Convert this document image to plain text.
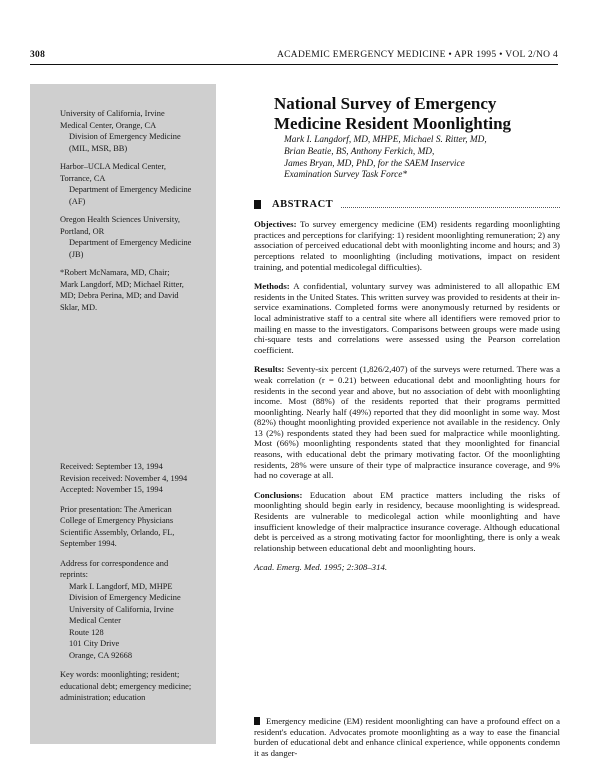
308	ACADEMIC EMERGENCY MEDICINE • APR 1995 • VOL 2/NO 4
University of California, Irvine
Medical Center, Orange, CA
Division of Emergency Medicine
(MIL, MSR, BB)
Harbor–UCLA Medical Center,
Torrance, CA
Department of Emergency Medicine
(AF)
Oregon Health Sciences University,
Portland, OR
Department of Emergency Medicine
(JB)
*Robert McNamara, MD, Chair;
Mark Langdorf, MD; Michael Ritter,
MD; Debra Perina, MD; and David
Sklar, MD.
Received: September 13, 1994
Revision received: November 4, 1994
Accepted: November 15, 1994
Prior presentation: The American
College of Emergency Physicians
Scientific Assembly, Orlando, FL,
September 1994.
Address for correspondence and
reprints:
Mark I. Langdorf, MD, MHPE
Division of Emergency Medicine
University of California, Irvine
Medical Center
Route 128
101 City Drive
Orange, CA 92668
Key words: moonlighting; resident;
educational debt; emergency medicine;
administration; education
National Survey of Emergency Medicine Resident Moonlighting
Mark I. Langdorf, MD, MHPE, Michael S. Ritter, MD,
Brian Beatie, BS, Anthony Ferkich, MD,
James Bryan, MD, PhD, for the SAEM Inservice
Examination Survey Task Force*
ABSTRACT

Objectives: To survey emergency medicine (EM) residents regarding moonlighting practices and perceptions for clarifying: 1) resident moonlighting remuneration; 2) any association of perceived educational debt with moonlighting income and hours; and 3) perceptions related to moonlighting (including motivations, impact on resident training, and potential medicolegal difficulties).

Methods: A confidential, voluntary survey was administered to all allopathic EM residents in the United States. This written survey was provided to residents at their in-service examinations. Completed forms were anonymously returned by residents or local administrative staff to a central site where all identifiers were removed prior to mailing en masse to the investigators. Comparisons between groups were made using chi-square tests and correlations were assessed using the Pearson correlation coefficient.

Results: Seventy-six percent (1,826/2,407) of the surveys were returned. There was a weak correlation (r = 0.21) between educational debt and moonlighting hours for residents in the second year and above, but no association of debt with moonlighting income. Most (88%) of the residents reported that their programs permitted moonlighting. Nearly half (49%) reported that they did moonlight in some way. Most (82%) thought moonlighting provided experience not available in the residency. Only 13 (2%) respondents stated they had been sued for malpractice while moonlighting. Most (66%) moonlighting respondents stated that they moonlighted for financial reasons, with educational debt the primary motivating factor. Of the moonlighting residents, 28% were unsure of their type of malpractice insurance coverage, and 9% had no coverage at all.

Conclusions: Education about EM practice matters including the risks of moonlighting should begin early in residency, because moonlighting is widespread. Residents are vulnerable to medicolegal action while moonlighting and have insufficient knowledge of their malpractice insurance coverage. Although educational debt is perceived as a strong motivating factor for moonlighting, there is only a weak relationship between educational debt and moonlighting hours.

Acad. Emerg. Med. 1995; 2:308–314.
Emergency medicine (EM) resident moonlighting can have a profound effect on a resident's education. Advocates promote moonlighting as a way to ease the financial burden of educational debt and enhance clinical experience, while opponents condemn it as danger-
